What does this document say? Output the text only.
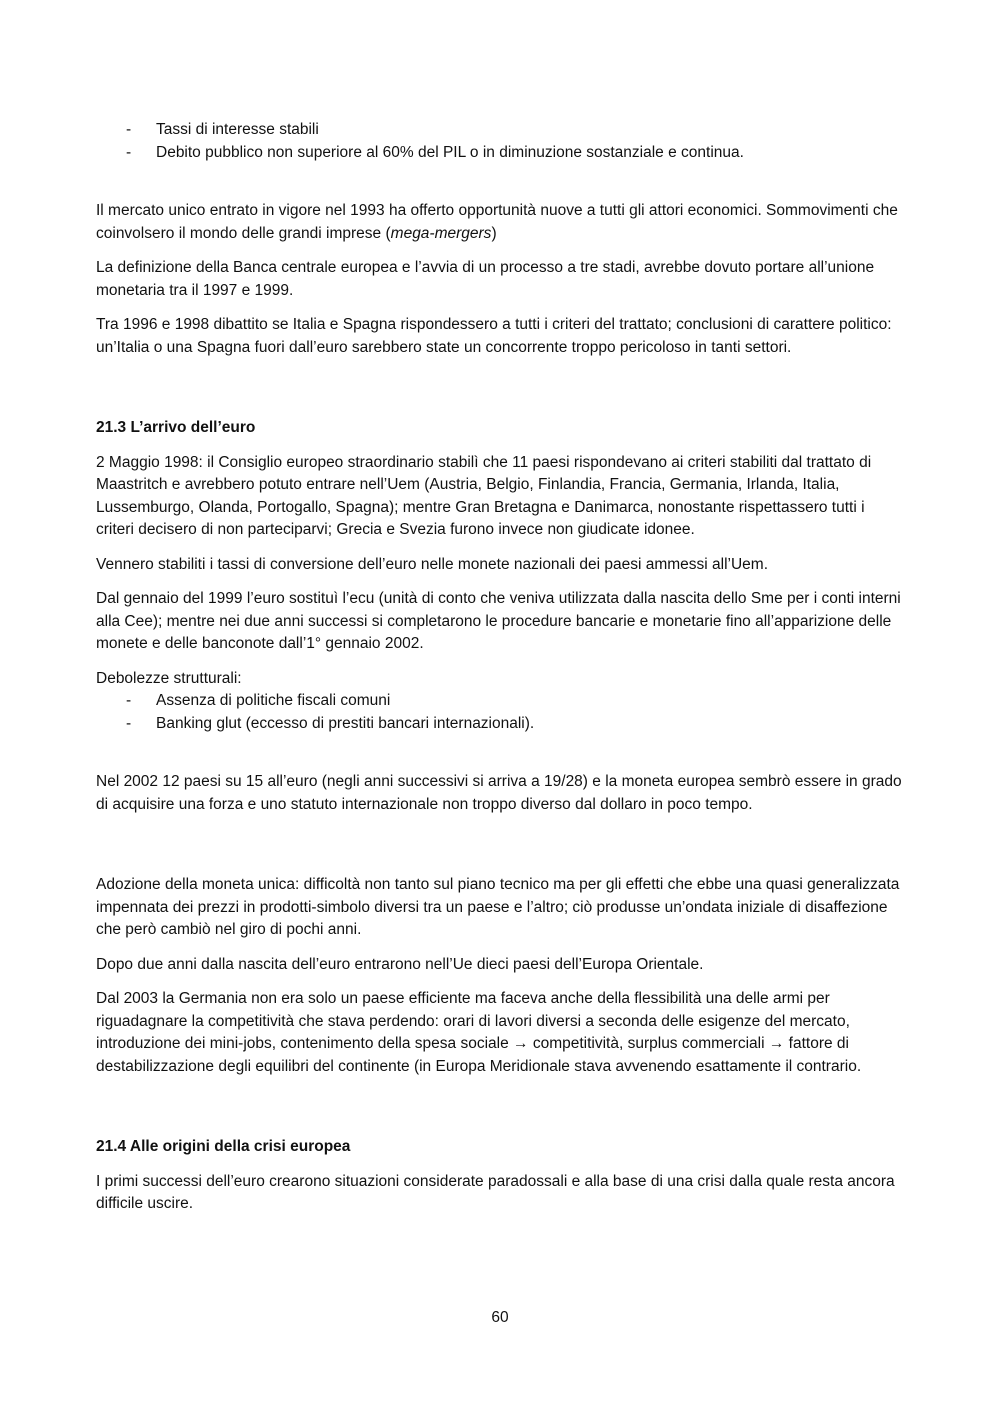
- Tassi di interesse stabili
- Debito pubblico non superiore al 60% del PIL o in diminuzione sostanziale e continua.

Il mercato unico entrato in vigore nel 1993 ha offerto opportunità nuove a tutti gli attori economici. Sommovimenti che coinvolsero il mondo delle grandi imprese (mega-mergers)

La definizione della Banca centrale europea e l’avvia di un processo a tre stadi, avrebbe dovuto portare all’unione monetaria tra il 1997 e 1999.

Tra 1996 e 1998 dibattito se Italia e Spagna rispondessero a tutti i criteri del trattato; conclusioni di carattere politico: un’Italia o una Spagna fuori dall’euro sarebbero state un concorrente troppo pericoloso in tanti settori.

21.3 L’arrivo dell’euro

2 Maggio 1998: il Consiglio europeo straordinario stabilì che 11 paesi rispondevano ai criteri stabiliti dal trattato di Maastritch e avrebbero potuto entrare nell’Uem (Austria, Belgio, Finlandia, Francia, Germania, Irlanda, Italia, Lussemburgo, Olanda, Portogallo, Spagna); mentre Gran Bretagna e Danimarca, nonostante rispettassero tutti i criteri decisero di non parteciparvi; Grecia e Svezia furono invece non giudicate idonee.

Vennero stabiliti i tassi di conversione dell’euro nelle monete nazionali dei paesi ammessi all’Uem.

Dal gennaio del 1999 l’euro sostituì l’ecu (unità di conto che veniva utilizzata dalla nascita dello Sme per i conti interni alla Cee); mentre nei due anni successi si completarono le procedure bancarie e monetarie fino all’apparizione delle monete e delle banconote dall’1° gennaio 2002.

Debolezze strutturali:

- Assenza di politiche fiscali comuni
- Banking glut (eccesso di prestiti bancari internazionali).

Nel 2002 12 paesi su 15 all’euro (negli anni successivi si arriva a 19/28) e la moneta europea sembrò essere in grado di acquisire una forza e uno statuto internazionale non troppo diverso dal dollaro in poco tempo.

Adozione della moneta unica: difficoltà non tanto sul piano tecnico ma per gli effetti che ebbe una quasi generalizzata impennata dei prezzi in prodotti-simbolo diversi tra un paese e l’altro; ciò produsse un’ondata iniziale di disaffezione che però cambiò nel giro di pochi anni.

Dopo due anni dalla nascita dell’euro entrarono nell’Ue dieci paesi dell’Europa Orientale.

Dal 2003 la Germania non era solo un paese efficiente ma faceva anche della flessibilità una delle armi per riguadagnare la competitività che stava perdendo: orari di lavori diversi a seconda delle esigenze del mercato, introduzione dei mini-jobs, contenimento della spesa sociale → competitività, surplus commerciali → fattore di destabilizzazione degli equilibri del continente (in Europa Meridionale stava avvenendo esattamente il contrario.

21.4 Alle origini della crisi europea

I primi successi dell’euro crearono situazioni considerate paradossali e alla base di una crisi dalla quale resta ancora difficile uscire.

60
